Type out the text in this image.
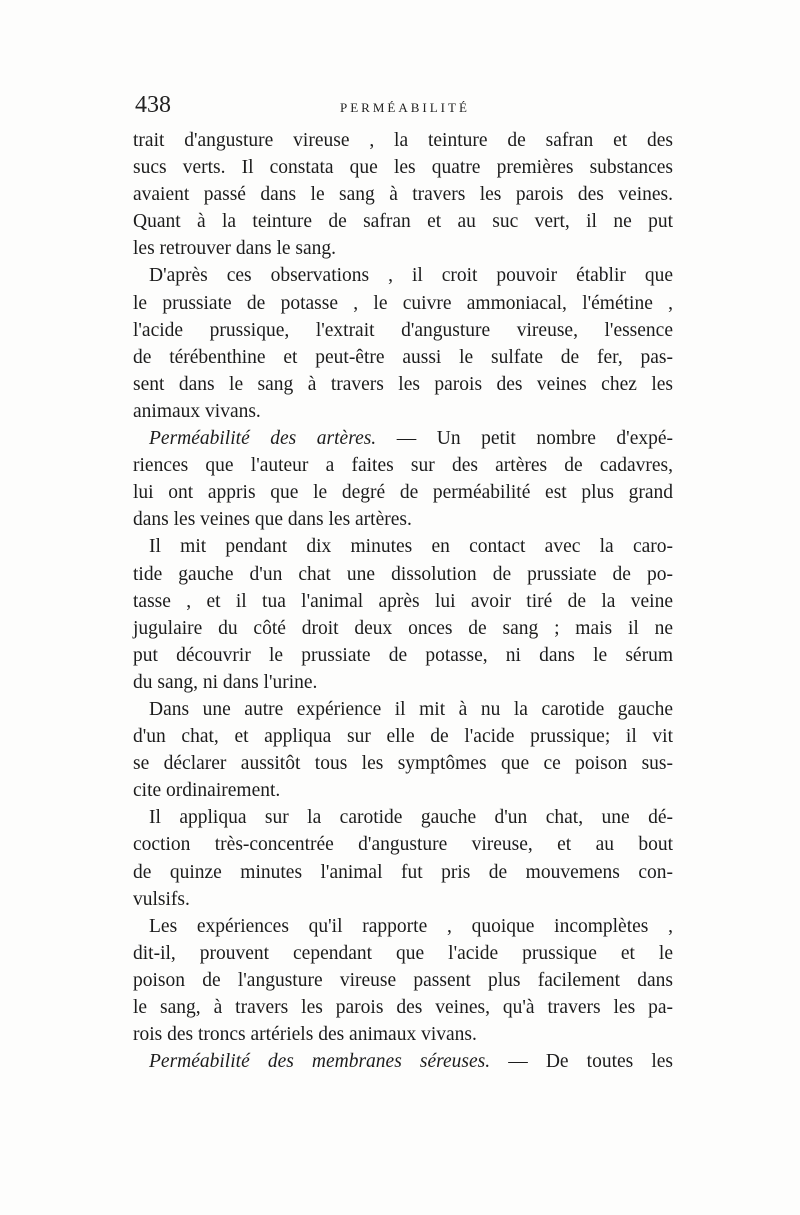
438	PERMÉABILITÉ
trait d'angusture vireuse , la teinture de safran et des
sucs verts. Il constata que les quatre premières substances
avaient passé dans le sang à travers les parois des veines.
Quant à la teinture de safran et au suc vert, il ne put
les retrouver dans le sang.
D'après ces observations , il croit pouvoir établir que
le prussiate de potasse , le cuivre ammoniacal, l'émétine ,
l'acide prussique, l'extrait d'angusture vireuse, l'essence
de térébenthine et peut-être aussi le sulfate de fer, pas-
sent dans le sang à travers les parois des veines chez les
animaux vivans.
Perméabilité des artères. — Un petit nombre d'expé-
riences que l'auteur a faites sur des artères de cadavres,
lui ont appris que le degré de perméabilité est plus grand
dans les veines que dans les artères.
Il mit pendant dix minutes en contact avec la caro-
tide gauche d'un chat une dissolution de prussiate de po-
tasse , et il tua l'animal après lui avoir tiré de la veine
jugulaire du côté droit deux onces de sang ; mais il ne
put découvrir le prussiate de potasse, ni dans le sérum
du sang, ni dans l'urine.
Dans une autre expérience il mit à nu la carotide gauche
d'un chat, et appliqua sur elle de l'acide prussique; il vit
se déclarer aussitôt tous les symptômes que ce poison sus-
cite ordinairement.
Il appliqua sur la carotide gauche d'un chat, une dé-
coction très-concentrée d'angusture vireuse, et au bout
de quinze minutes l'animal fut pris de mouvemens con-
vulsifs.
Les expériences qu'il rapporte , quoique incomplètes ,
dit-il, prouvent cependant que l'acide prussique et le
poison de l'angusture vireuse passent plus facilement dans
le sang, à travers les parois des veines, qu'à travers les pa-
rois des troncs artériels des animaux vivans.
Perméabilité des membranes séreuses. — De toutes les
